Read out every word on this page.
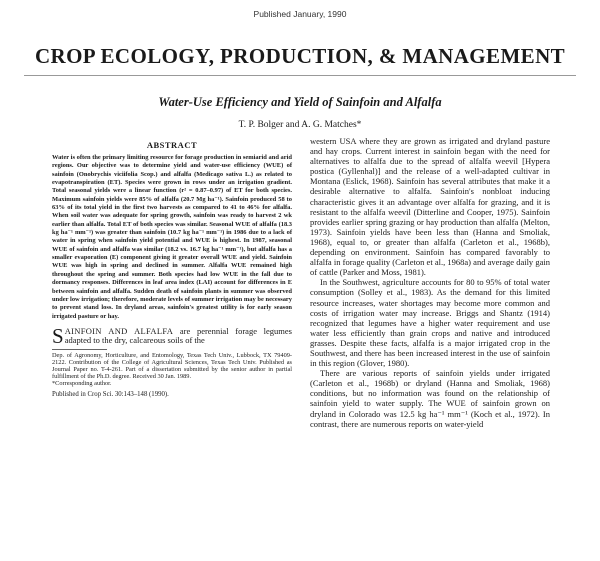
Published January, 1990
CROP ECOLOGY, PRODUCTION, & MANAGEMENT
Water-Use Efficiency and Yield of Sainfoin and Alfalfa
T. P. Bolger and A. G. Matches*
ABSTRACT

Water is often the primary limiting resource for forage production in semiarid and arid regions. Our objective was to determine yield and water-use efficiency (WUE) of sainfoin (Onobrychis viciifolia Scop.) and alfalfa (Medicago sativa L.) as related to evapotranspiration (ET). Species were grown in rows under an irrigation gradient. Total seasonal yields were a linear function (r² = 0.87–0.97) of ET for both species. Maximum sainfoin yields were 85% of alfalfa (20.7 Mg ha⁻¹). Sainfoin produced 58 to 63% of its total yield in the first two harvests as compared to 41 to 46% for alfalfa. When soil water was adequate for spring growth, sainfoin was ready to harvest 2 wk earlier than alfalfa. Total ET of both species was similar. Seasonal WUE of alfalfa (18.3 kg ha⁻¹ mm⁻¹) was greater than sainfoin (10.7 kg ha⁻¹ mm⁻¹) in 1986 due to a lack of water in spring when sainfoin yield potential and WUE is highest. In 1987, seasonal WUE of sainfoin and alfalfa was similar (18.2 vs. 16.7 kg ha⁻¹ mm⁻¹), but alfalfa has a smaller evaporation (E) component giving it greater overall WUE and yield. Sainfoin WUE was high in spring and declined in summer. Alfalfa WUE remained high throughout the spring and summer. Both species had low WUE in the fall due to dormancy responses. Differences in leaf area index (LAI) account for differences in E between sainfoin and alfalfa. Sudden death of sainfoin plants in summer was observed under low irrigation; therefore, moderate levels of summer irrigation may be necessary to prevent stand loss. In dryland areas, sainfoin's greatest utility is for early season irrigated pasture or hay.

SAINFOIN AND ALFALFA are perennial forage legumes adapted to the dry, calcareous soils of the

Dep. of Agronomy, Horticulture, and Entomology, Texas Tech Univ., Lubbock, TX 79409-2122. Contribution of the College of Agricultural Sciences, Texas Tech Univ. Published as Journal Paper no. T-4-261. Part of a dissertation submitted by the senior author in partial fulfillment of the Ph.D. degree. Received 30 Jan. 1989.

*Corresponding author.

Published in Crop Sci. 30:143–148 (1990).

western USA where they are grown as irrigated and dryland pasture and hay crops. Current interest in sainfoin began with the need for alternatives to alfalfa due to the spread of alfalfa weevil [Hypera postica (Gyllenhal)] and the release of a well-adapted cultivar in Montana (Eslick, 1968). Sainfoin has several attributes that make it a desirable alternative to alfalfa. Sainfoin's nonbloat inducing characteristic gives it an advantage over alfalfa for grazing, and it is resistant to the alfalfa weevil (Ditterline and Cooper, 1975). Sainfoin provides earlier spring grazing or hay production than alfalfa (Melton, 1973). Sainfoin yields have been less than (Hanna and Smoliak, 1968), equal to, or greater than alfalfa (Carleton et al., 1968b), depending on environment. Sainfoin has compared favorably to alfalfa in forage quality (Carleton et al., 1968a) and average daily gain of cattle (Parker and Moss, 1981).

In the Southwest, agriculture accounts for 80 to 95% of total water consumption (Solley et al., 1983). As the demand for this limited resource increases, water shortages may become more common and costs of irrigation water may increase. Briggs and Shantz (1914) recognized that legumes have a higher water requirement and use water less efficiently than grain crops and native and introduced grasses. Despite these facts, alfalfa is a major irrigated crop in the Southwest, and there has been increased interest in the use of sainfoin in this region (Glover, 1980).

There are various reports of sainfoin yields under irrigated (Carleton et al., 1968b) or dryland (Hanna and Smoliak, 1968) conditions, but no information was found on the relationship of sainfoin yield to water supply. The WUE of sainfoin grown on dryland in Colorado was 12.5 kg ha⁻¹ mm⁻¹ (Koch et al., 1972). In contrast, there are numerous reports on water-yield
